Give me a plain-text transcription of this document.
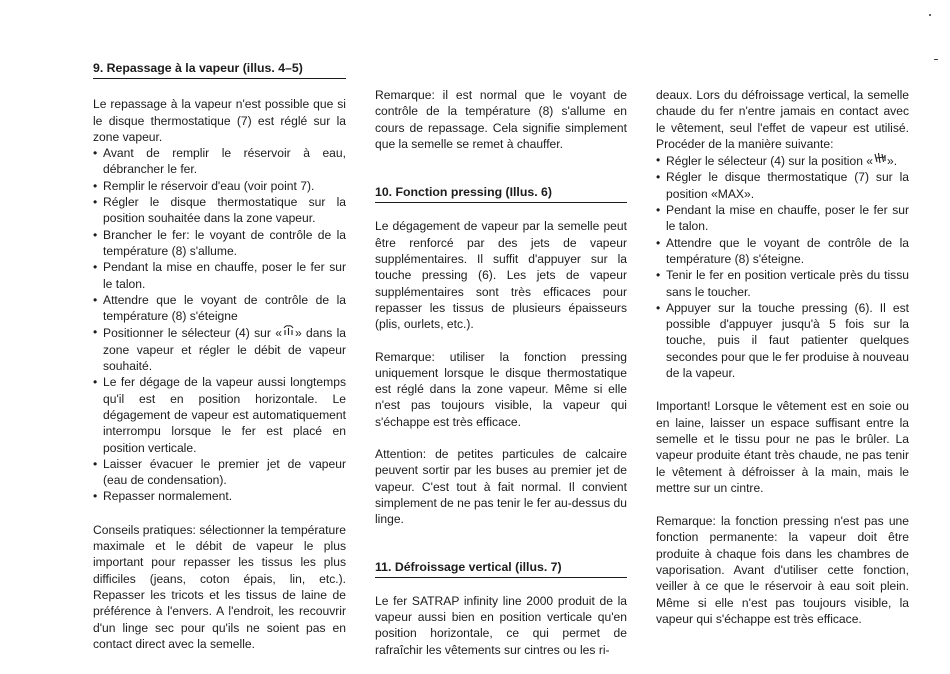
9. Repassage à la vapeur (illus. 4–5)

Le repassage à la vapeur n'est possible que si le disque thermostatique (7) est réglé sur la zone vapeur.

• Avant de remplir le réservoir à eau, débrancher le fer.
• Remplir le réservoir d'eau (voir point 7).
• Régler le disque thermostatique sur la position souhaitée dans la zone vapeur.
• Brancher le fer: le voyant de contrôle de la température (8) s'allume.
• Pendant la mise en chauffe, poser le fer sur le talon.
• Attendre que le voyant de contrôle de la température (8) s'éteigne
• Positionner le sélecteur (4) sur « » dans la zone vapeur et régler le débit de vapeur souhaité.
• Le fer dégage de la vapeur aussi longtemps qu'il est en position horizontale. Le dégagement de vapeur est automatiquement interrompu lorsque le fer est placé en position verticale.
• Laisser évacuer le premier jet de vapeur (eau de condensation).
• Repasser normalement.

Conseils pratiques: sélectionner la température maximale et le débit de vapeur le plus important pour repasser les tissus les plus difficiles (jeans, coton épais, lin, etc.). Repasser les tricots et les tissus de laine de préférence à l'envers. A l'endroit, les recouvrir d'un linge sec pour qu'ils ne soient pas en contact direct avec la semelle.

Remarque: il est normal que le voyant de contrôle de la température (8) s'allume en cours de repassage. Cela signifie simplement que la semelle se remet à chauffer.

10. Fonction pressing (Illus. 6)

Le dégagement de vapeur par la semelle peut être renforcé par des jets de vapeur supplémentaires. Il suffit d'appuyer sur la touche pressing (6). Les jets de vapeur supplémentaires sont très efficaces pour repasser les tissus de plusieurs épaisseurs (plis, ourlets, etc.).

Remarque: utiliser la fonction pressing uniquement lorsque le disque thermostatique est réglé dans la zone vapeur. Même si elle n'est pas toujours visible, la vapeur qui s'échappe est très efficace.

Attention: de petites particules de calcaire peuvent sortir par les buses au premier jet de vapeur. C'est tout à fait normal. Il convient simplement de ne pas tenir le fer au-dessus du linge.

11. Défroissage vertical (illus. 7)

Le fer SATRAP infinity line 2000 produit de la vapeur aussi bien en position verticale qu'en position horizontale, ce qui permet de rafraîchir les vêtements sur cintres ou les ri-

deaux. Lors du défroissage vertical, la semelle chaude du fer n'entre jamais en contact avec le vêtement, seul l'effet de vapeur est utilisé. Procéder de la manière suivante:

• Régler le sélecteur (4) sur la position « ».
• Régler le disque thermostatique (7) sur la position «MAX».
• Pendant la mise en chauffe, poser le fer sur le talon.
• Attendre que le voyant de contrôle de la température (8) s'éteigne.
• Tenir le fer en position verticale près du tissu sans le toucher.
• Appuyer sur la touche pressing (6). Il est possible d'appuyer jusqu'à 5 fois sur la touche, puis il faut patienter quelques secondes pour que le fer produise à nouveau de la vapeur.

Important! Lorsque le vêtement est en soie ou en laine, laisser un espace suffisant entre la semelle et le tissu pour ne pas le brûler. La vapeur produite étant très chaude, ne pas tenir le vêtement à défroisser à la main, mais le mettre sur un cintre.

Remarque: la fonction pressing n'est pas une fonction permanente: la vapeur doit être produite à chaque fois dans les chambres de vaporisation. Avant d'utiliser cette fonction, veiller à ce que le réservoir à eau soit plein. Même si elle n'est pas toujours visible, la vapeur qui s'échappe est très efficace.
